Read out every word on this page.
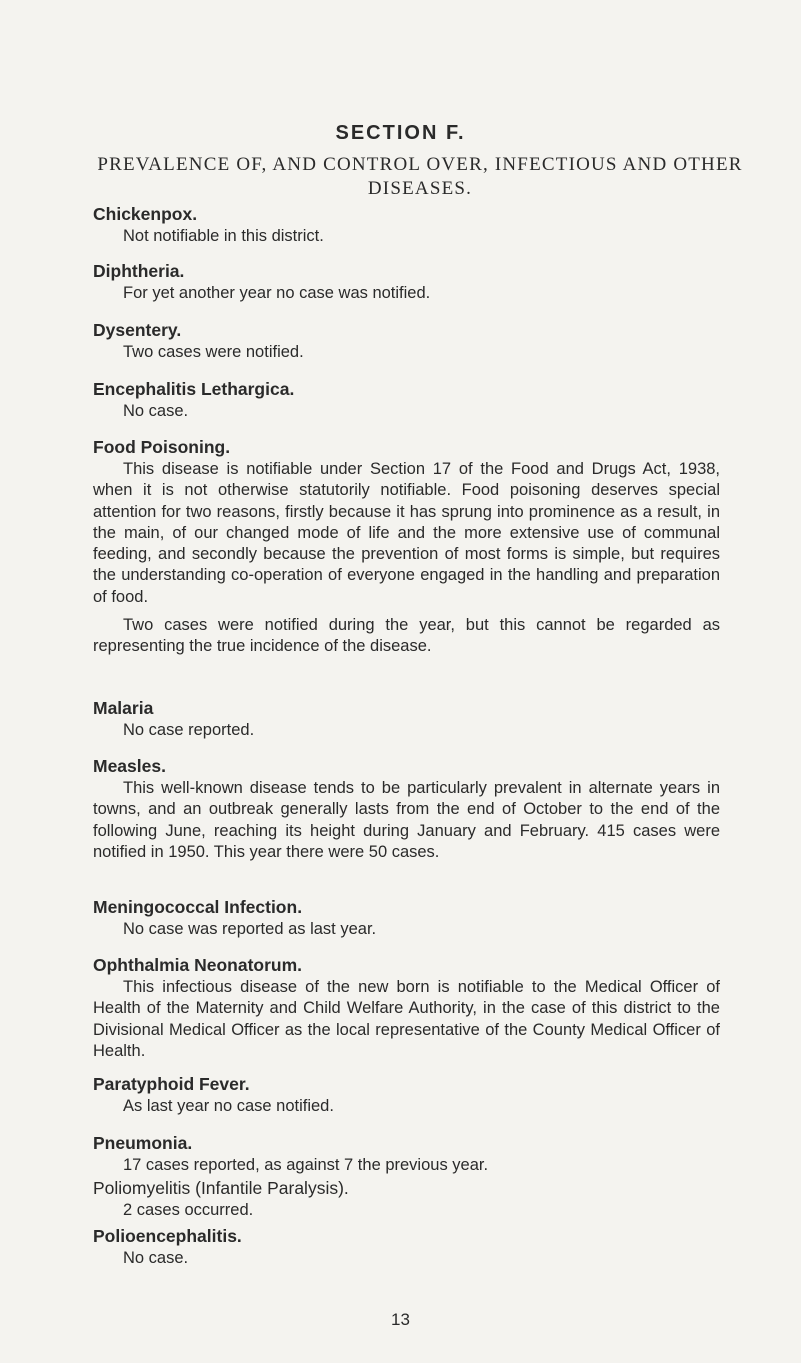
SECTION F.
PREVALENCE OF, AND CONTROL OVER, INFECTIOUS AND OTHER DISEASES.

Chickenpox.

Not notifiable in this district.

Diphtheria.

For yet another year no case was notified.

Dysentery.

Two cases were notified.

Encephalitis Lethargica.

No case.

Food Poisoning.

This disease is notifiable under Section 17 of the Food and Drugs Act, 1938, when it is not otherwise statutorily notifiable. Food poisoning deserves special attention for two reasons, firstly because it has sprung into prominence as a result, in the main, of our changed mode of life and the more extensive use of communal feeding, and secondly because the prevention of most forms is simple, but requires the understanding co-operation of everyone engaged in the handling and preparation of food.

Two cases were notified during the year, but this cannot be regarded as representing the true incidence of the disease.

Malaria

No case reported.

Measles.

This well-known disease tends to be particularly prevalent in alternate years in towns, and an outbreak generally lasts from the end of October to the end of the following June, reaching its height during January and February. 415 cases were notified in 1950. This year there were 50 cases.

Meningococcal Infection.

No case was reported as last year.

Ophthalmia Neonatorum.

This infectious disease of the new born is notifiable to the Medical Officer of Health of the Maternity and Child Welfare Authority, in the case of this district to the Divisional Medical Officer as the local representative of the County Medical Officer of Health.

Paratyphoid Fever.

As last year no case notified.

Pneumonia.

17 cases reported, as against 7 the previous year.

Poliomyelitis (Infantile Paralysis).

2 cases occurred.

Polioencephalitis.

No case.

13
